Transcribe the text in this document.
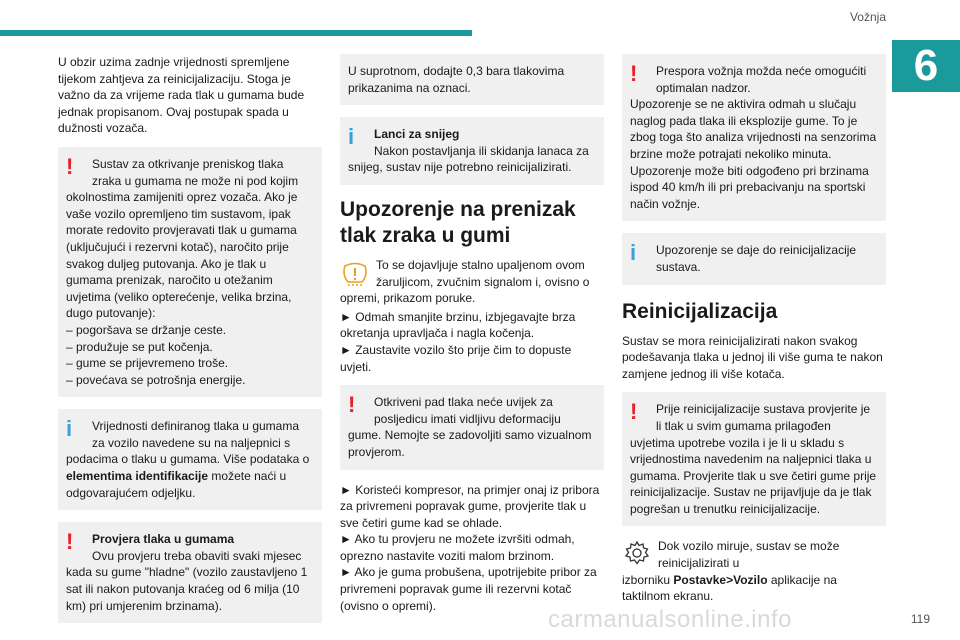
Vožnja
6

U obzir uzima zadnje vrijednosti spremljene tijekom zahtjeva za reinicijalizaciju. Stoga je važno da za vrijeme rada tlak u gumama bude jednak propisanom. Ovaj postupak spada u dužnosti vozača.

!	Sustav za otkrivanje preniskog tlaka zraka u gumama ne može ni pod kojim

okolnostima zamijeniti oprez vozača. Ako je vaše vozilo opremljeno tim sustavom, ipak morate redovito provjeravati tlak u gumama (uključujući i rezervni kotač), naročito prije svakog duljeg putovanja. Ako je tlak u gumama prenizak, naročito u otežanim uvjetima (veliko opterećenje, velika brzina, dugo putovanje):

– pogoršava se držanje ceste.

– produžuje se put kočenja.

– gume se prijevremeno troše.

– povećava se potrošnja energije.

i	Vrijednosti definiranog tlaka u gumama za vozilo navedene su na naljepnici s

podacima o tlaku u gumama. Više podataka o elementima identifikacije možete naći u odgovarajućem odjeljku.

!	Provjera tlaka u gumama

Ovu provjeru treba obaviti svaki mjesec

kada su gume "hladne" (vozilo zaustavljeno 1 sat ili nakon putovanja kraćeg od 6 milja (10 km) pri umjerenim brzinama).

U suprotnom, dodajte 0,3 bara tlakovima prikazanima na oznaci.

i	Lanci za snijeg

Nakon postavljanja ili skidanja lanaca za

snijeg, sustav nije potrebno reinicijalizirati.

Upozorenje na prenizak tlak zraka u gumi

To se dojavljuje stalno upaljenom ovom žaruljicom, zvučnim signalom i, ovisno o

opremi, prikazom poruke.

► Odmah smanjite brzinu, izbjegavajte brza okretanja upravljača i nagla kočenja.

► Zaustavite vozilo što prije čim to dopuste uvjeti.

!	Otkriveni pad tlaka neće uvijek za posljedicu imati vidljivu deformaciju

gume. Nemojte se zadovoljiti samo vizualnom provjerom.

► Koristeći kompresor, na primjer onaj iz pribora za privremeni popravak gume, provjerite tlak u sve četiri gume kad se ohlade.

► Ako tu provjeru ne možete izvršiti odmah, oprezno nastavite voziti malom brzinom.

► Ako je guma probušena, upotrijebite pribor za privremeni popravak gume ili rezervni kotač (ovisno o opremi).

!	Prespora vožnja možda neće omogućiti optimalan nadzor.

Upozorenje se ne aktivira odmah u slučaju naglog pada tlaka ili eksplozije gume. To je zbog toga što analiza vrijednosti na senzorima brzine može potrajati nekoliko minuta. Upozorenje može biti odgođeno pri brzinama ispod 40 km/h ili pri prebacivanju na sportski način vožnje.

i	Upozorenje se daje do reinicijalizacije sustava.

Reinicijalizacija

Sustav se mora reinicijalizirati nakon svakog podešavanja tlaka u jednoj ili više guma te nakon zamjene jednog ili više kotača.

!	Prije reinicijalizacije sustava provjerite je li tlak u svim gumama prilagođen

uvjetima upotrebe vozila i je li u skladu s vrijednostima navedenim na naljepnici tlaka u gumama. Provjerite tlak u sve četiri gume prije reinicijalizacije. Sustav ne prijavljuje da je tlak pogrešan u trenutku reinicijalizacije.

Dok vozilo miruje, sustav se može reinicijalizirati u

izborniku Postavke>Vozilo aplikacije na taktilnom ekranu.

carmanualsonline.info	119
